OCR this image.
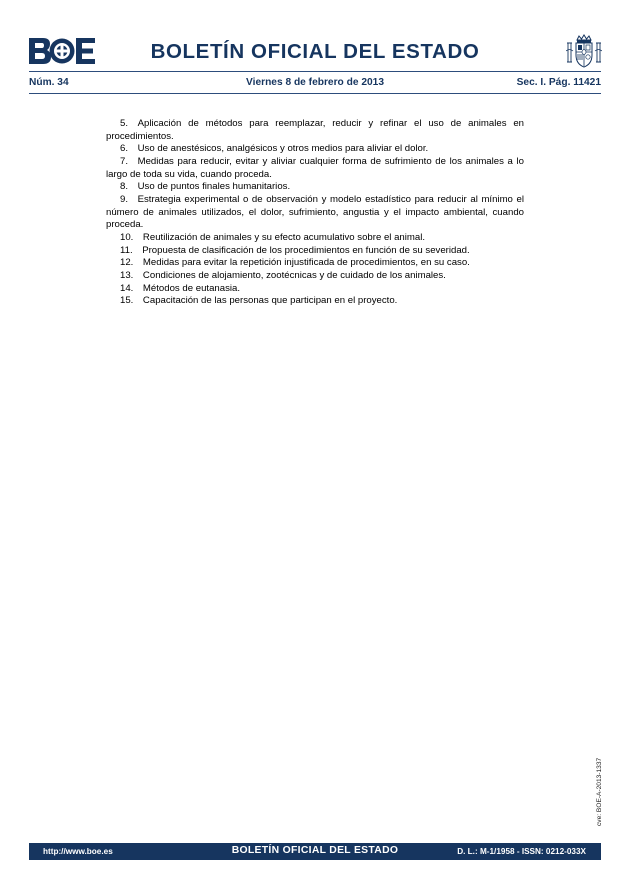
BOLETÍN OFICIAL DEL ESTADO
Núm. 34	Viernes 8 de febrero de 2013	Sec. I. Pág. 11421

5. Aplicación de métodos para reemplazar, reducir y refinar el uso de animales en procedimientos.

6. Uso de anestésicos, analgésicos y otros medios para aliviar el dolor.

7. Medidas para reducir, evitar y aliviar cualquier forma de sufrimiento de los animales a lo largo de toda su vida, cuando proceda.

8. Uso de puntos finales humanitarios.

9. Estrategia experimental o de observación y modelo estadístico para reducir al mínimo el número de animales utilizados, el dolor, sufrimiento, angustia y el impacto ambiental, cuando proceda.

10. Reutilización de animales y su efecto acumulativo sobre el animal.

11. Propuesta de clasificación de los procedimientos en función de su severidad.

12. Medidas para evitar la repetición injustificada de procedimientos, en su caso.

13. Condiciones de alojamiento, zootécnicas y de cuidado de los animales.

14. Métodos de eutanasia.

15. Capacitación de las personas que participan en el proyecto.

cve: BOE-A-2013-1337
http://www.boe.es	BOLETÍN OFICIAL DEL ESTADO	D. L.: M-1/1958 - ISSN: 0212-033X
